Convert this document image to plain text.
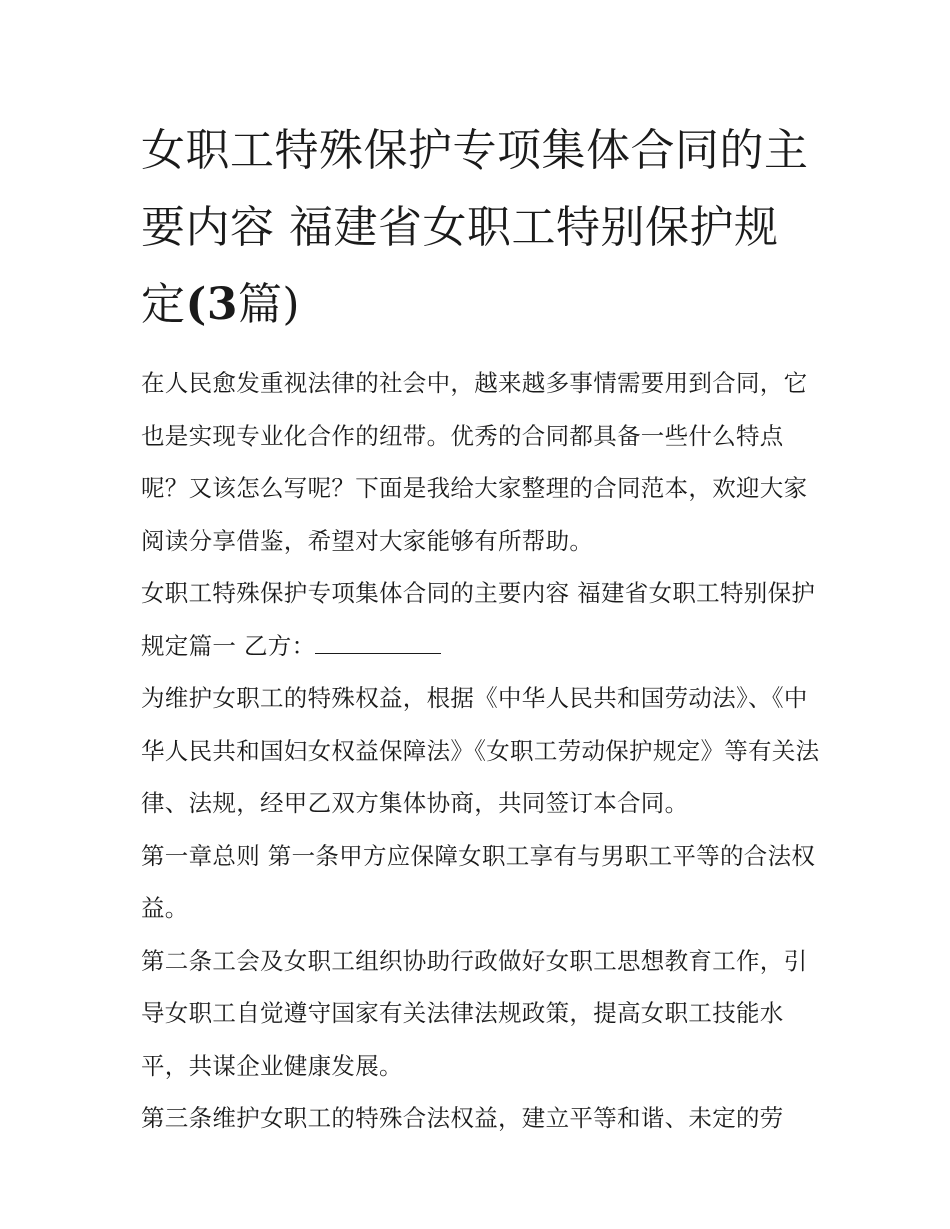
女职工特殊保护专项集体合同的主要内容 福建省女职工特别保护规定(3篇)

在人民愈发重视法律的社会中，越来越多事情需要用到合同，它也是实现专业化合作的纽带。优秀的合同都具备一些什么特点呢？又该怎么写呢？下面是我给大家整理的合同范本，欢迎大家阅读分享借鉴，希望对大家能够有所帮助。

女职工特殊保护专项集体合同的主要内容 福建省女职工特别保护规定篇一 乙方：

为维护女职工的特殊权益，根据《中华人民共和国劳动法》、《中华人民共和国妇女权益保障法》《女职工劳动保护规定》等有关法律、法规，经甲乙双方集体协商，共同签订本合同。

第一章总则 第一条甲方应保障女职工享有与男职工平等的合法权益。

第二条工会及女职工组织协助行政做好女职工思想教育工作，引导女职工自觉遵守国家有关法律法规政策，提高女职工技能水平，共谋企业健康发展。

第三条维护女职工的特殊合法权益，建立平等和谐、未定的劳
